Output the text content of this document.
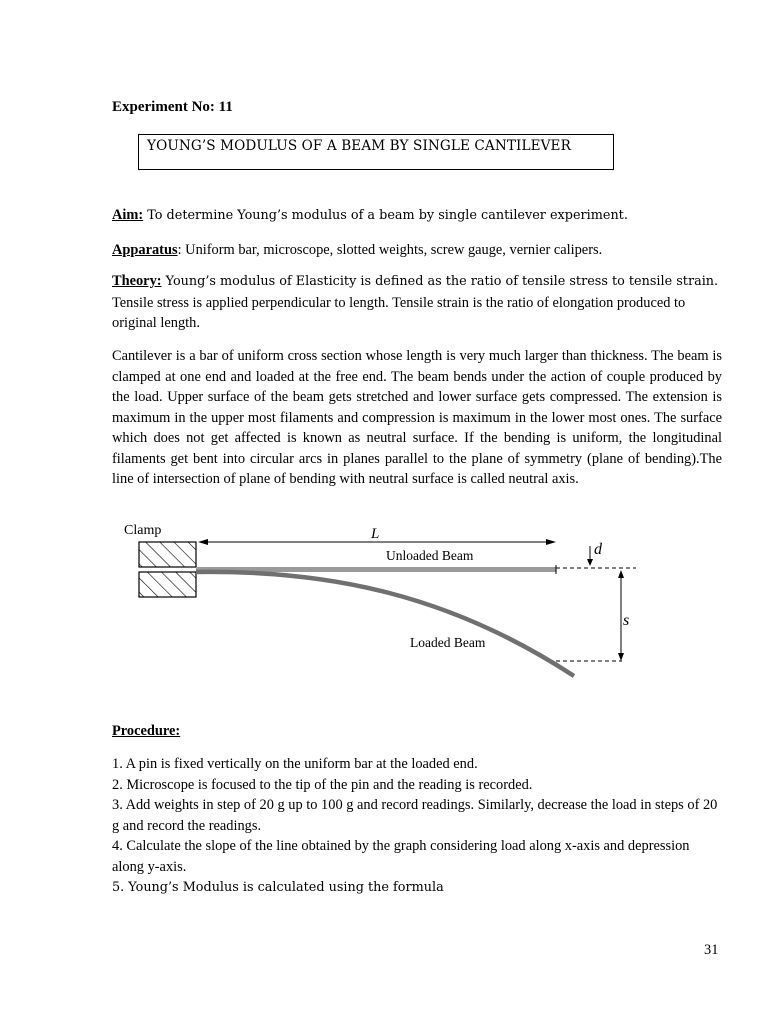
Experiment No: 11
YOUNG’S MODULUS OF A BEAM BY SINGLE CANTILEVER
Aim: To determine Young’s modulus of a beam by single cantilever experiment.
Apparatus: Uniform bar, microscope, slotted weights, screw gauge, vernier calipers.
Theory: Young’s modulus of Elasticity is defined as the ratio of tensile stress to tensile strain. Tensile stress is applied perpendicular to length. Tensile strain is the ratio of elongation produced to original length.
Cantilever is a bar of uniform cross section whose length is very much larger than thickness. The beam is clamped at one end and loaded at the free end. The beam bends under the action of couple produced by the load. Upper surface of the beam gets stretched and lower surface gets compressed. The extension is maximum in the upper most filaments and compression is maximum in the lower most ones. The surface which does not get affected is known as neutral surface. If the bending is uniform, the longitudinal filaments get bent into circular arcs in planes parallel to the plane of symmetry (plane of bending).The line of intersection of plane of bending with neutral surface is called neutral axis.
Clamp	L
Unloaded Beam
Loaded Beam
d
s
Procedure:
1. A pin is fixed vertically on the uniform bar at the loaded end.
2. Microscope is focused to the tip of the pin and the reading is recorded.
3. Add weights in step of 20 g up to 100 g and record readings. Similarly, decrease the load in steps of 20 g and record the readings.
4. Calculate the slope of the line obtained by the graph considering load along x-axis and depression along y-axis.
5. Young’s Modulus is calculated using the formula
31
